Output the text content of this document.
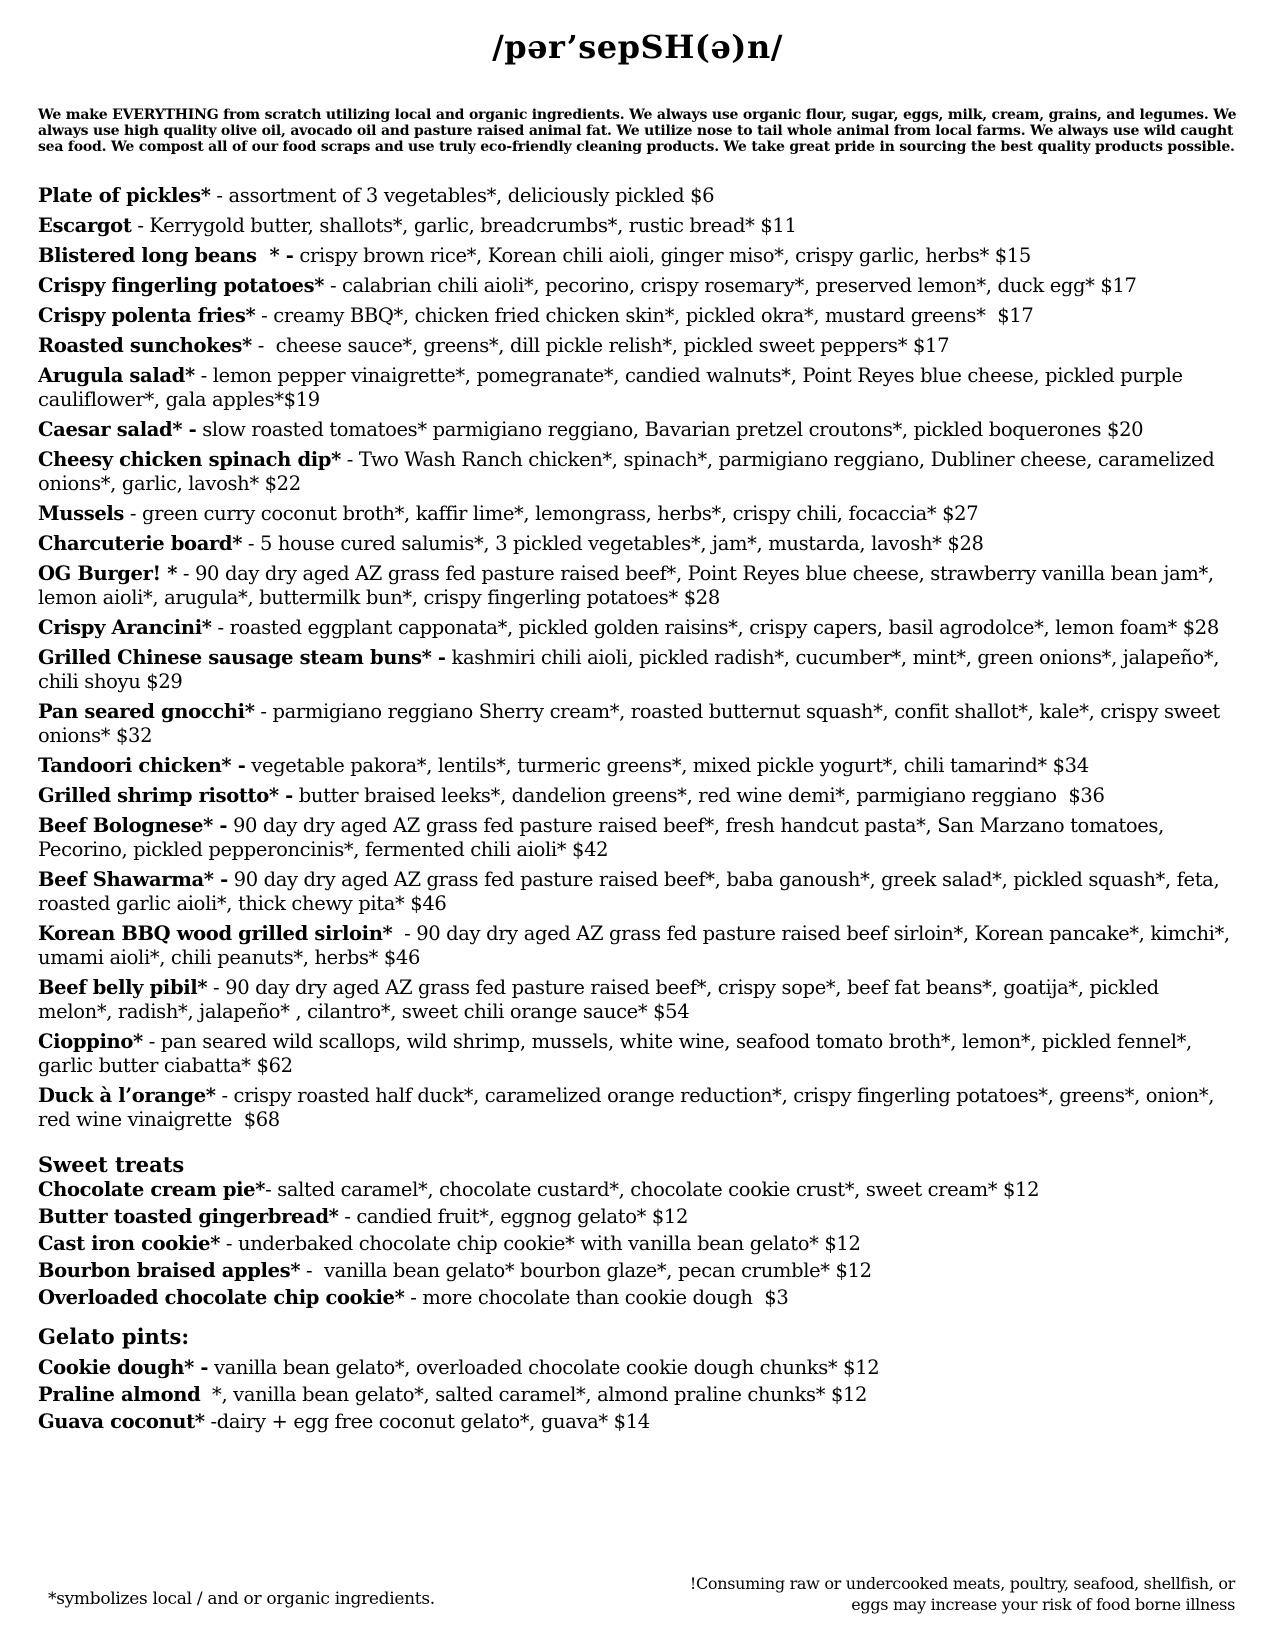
/pər’sepSH(ə)n/
We make EVERYTHING from scratch utilizing local and organic ingredients. We always use organic flour, sugar, eggs, milk, cream, grains, and legumes. We always use high quality olive oil, avocado oil and pasture raised animal fat. We utilize nose to tail whole animal from local farms. We always use wild caught sea food. We compost all of our food scraps and use truly eco-friendly cleaning products. We take great pride in sourcing the best quality products possible.
Plate of pickles* - assortment of 3 vegetables*, deliciously pickled $6
Escargot - Kerrygold butter, shallots*, garlic, breadcrumbs*, rustic bread* $11
Blistered long beans  * - crispy brown rice*, Korean chili aioli, ginger miso*, crispy garlic, herbs* $15
Crispy fingerling potatoes* - calabrian chili aioli*, pecorino, crispy rosemary*, preserved lemon*, duck egg* $17
Crispy polenta fries* - creamy BBQ*, chicken fried chicken skin*, pickled okra*, mustard greens*  $17
Roasted sunchokes* -  cheese sauce*, greens*, dill pickle relish*, pickled sweet peppers* $17
Arugula salad* - lemon pepper vinaigrette*, pomegranate*, candied walnuts*, Point Reyes blue cheese, pickled purple cauliflower*, gala apples*$19
Caesar salad* - slow roasted tomatoes* parmigiano reggiano, Bavarian pretzel croutons*, pickled boquerones $20
Cheesy chicken spinach dip* - Two Wash Ranch chicken*, spinach*, parmigiano reggiano, Dubliner cheese, caramelized onions*, garlic, lavosh* $22
Mussels - green curry coconut broth*, kaffir lime*, lemongrass, herbs*, crispy chili, focaccia* $27
Charcuterie board* - 5 house cured salumis*, 3 pickled vegetables*, jam*, mustarda, lavosh* $28
OG Burger! * - 90 day dry aged AZ grass fed pasture raised beef*, Point Reyes blue cheese, strawberry vanilla bean jam*, lemon aioli*, arugula*, buttermilk bun*, crispy fingerling potatoes* $28
Crispy Arancini* - roasted eggplant capponata*, pickled golden raisins*, crispy capers, basil agrodolce*, lemon foam* $28
Grilled Chinese sausage steam buns* - kashmiri chili aioli, pickled radish*, cucumber*, mint*, green onions*, jalapeño*, chili shoyu $29
Pan seared gnocchi* - parmigiano reggiano Sherry cream*, roasted butternut squash*, confit shallot*, kale*, crispy sweet onions* $32
Tandoori chicken* - vegetable pakora*, lentils*, turmeric greens*, mixed pickle yogurt*, chili tamarind* $34
Grilled shrimp risotto* - butter braised leeks*, dandelion greens*, red wine demi*, parmigiano reggiano  $36
Beef Bolognese* - 90 day dry aged AZ grass fed pasture raised beef*, fresh handcut pasta*, San Marzano tomatoes, Pecorino, pickled pepperoncinis*, fermented chili aioli* $42
Beef Shawarma* - 90 day dry aged AZ grass fed pasture raised beef*, baba ganoush*, greek salad*, pickled squash*, feta, roasted garlic aioli*, thick chewy pita* $46
Korean BBQ wood grilled sirloin*  - 90 day dry aged AZ grass fed pasture raised beef sirloin*, Korean pancake*, kimchi*, umami aioli*, chili peanuts*, herbs* $46
Beef belly pibil* - 90 day dry aged AZ grass fed pasture raised beef*, crispy sope*, beef fat beans*, goatija*, pickled melon*, radish*, jalapeño* , cilantro*, sweet chili orange sauce* $54
Cioppino* - pan seared wild scallops, wild shrimp, mussels, white wine, seafood tomato broth*, lemon*, pickled fennel*, garlic butter ciabatta* $62
Duck à l’orange* - crispy roasted half duck*, caramelized orange reduction*, crispy fingerling potatoes*, greens*, onion*,  red wine vinaigrette  $68
Sweet treats
Chocolate cream pie*- salted caramel*, chocolate custard*, chocolate cookie crust*, sweet cream* $12
Butter toasted gingerbread* - candied fruit*, eggnog gelato* $12
Cast iron cookie* - underbaked chocolate chip cookie* with vanilla bean gelato* $12
Bourbon braised apples* -  vanilla bean gelato* bourbon glaze*, pecan crumble* $12
Overloaded chocolate chip cookie* - more chocolate than cookie dough  $3
Gelato pints:
Cookie dough* - vanilla bean gelato*, overloaded chocolate cookie dough chunks* $12
Praline almond  *, vanilla bean gelato*, salted caramel*, almond praline chunks* $12
Guava coconut* -dairy + egg free coconut gelato*, guava* $14
*symbolizes local / and or organic ingredients.
!Consuming raw or undercooked meats, poultry, seafood, shellfish, or eggs may increase your risk of food borne illness
